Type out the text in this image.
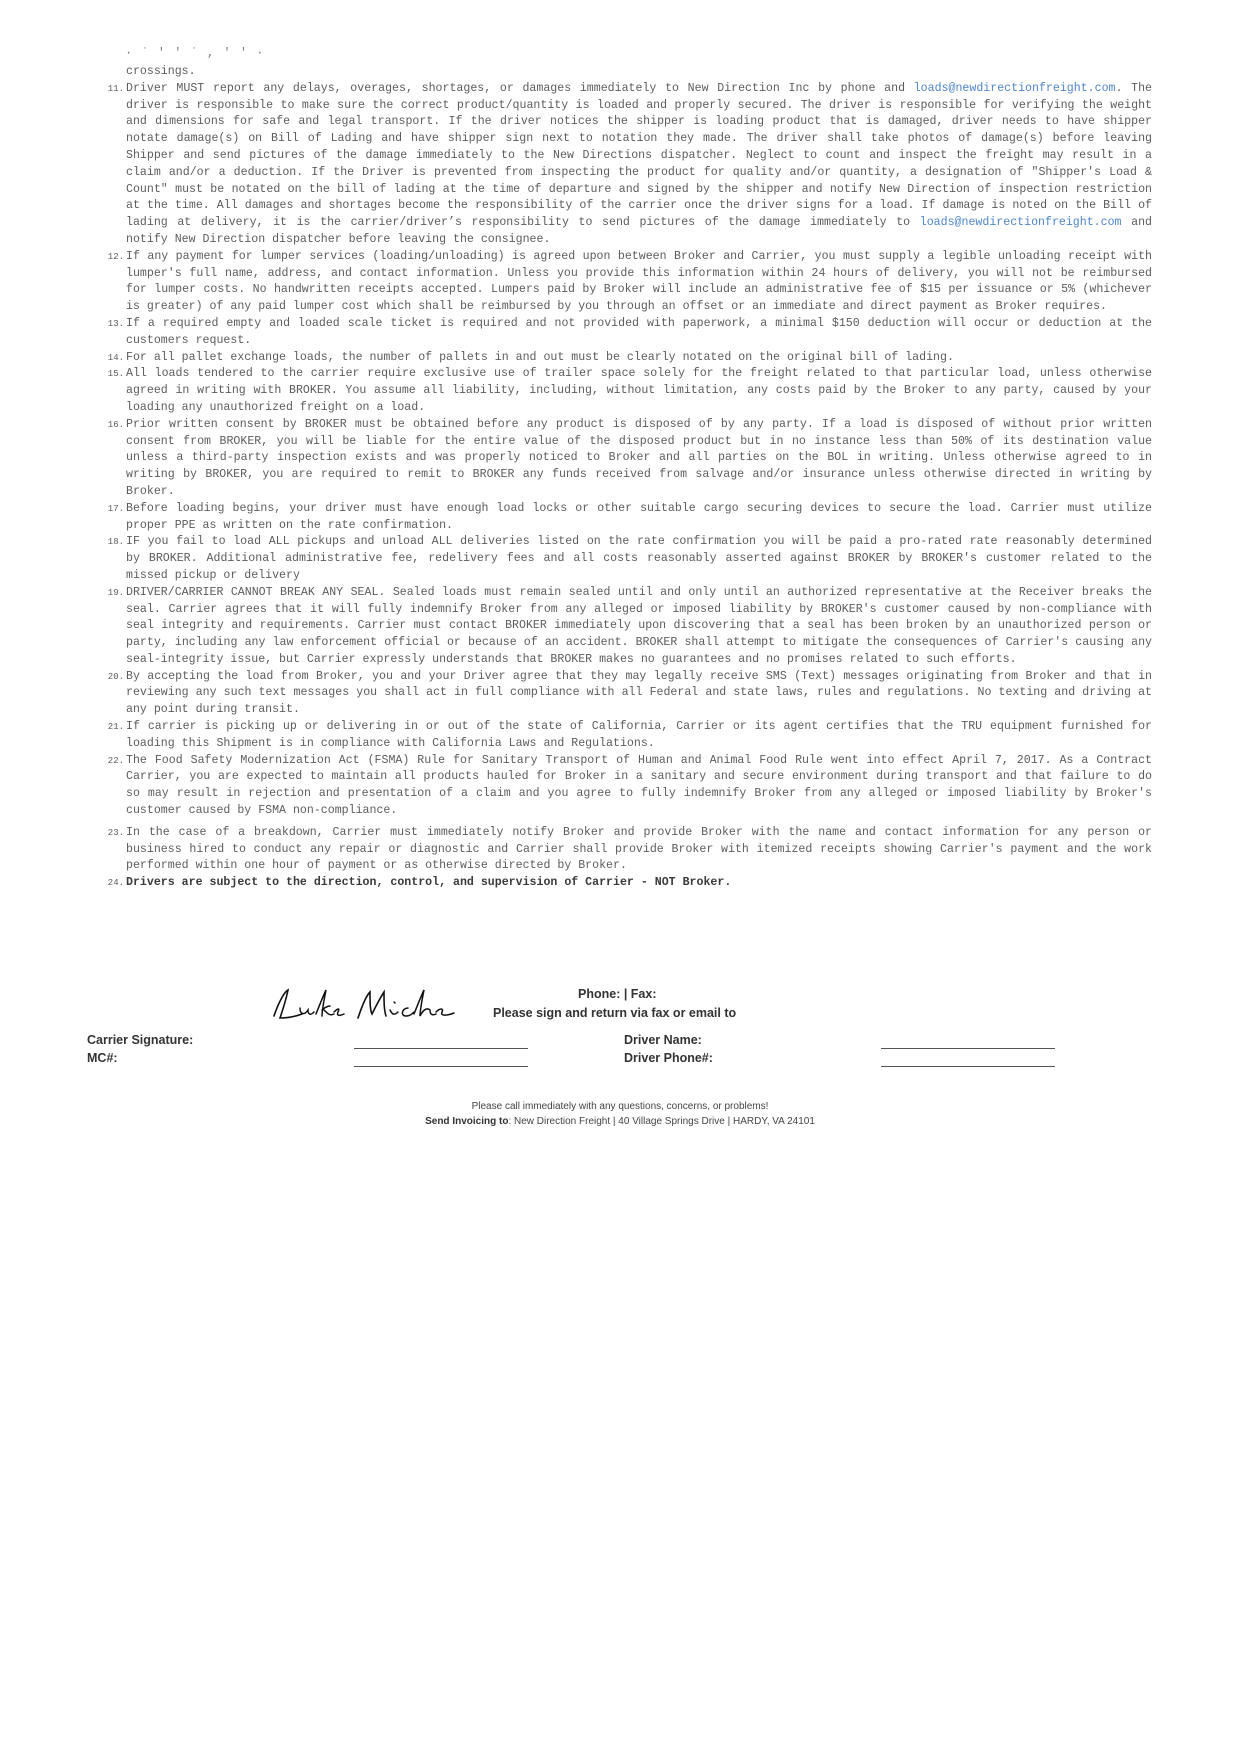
· ˙ ' ' ˙ , ' ' ·
crossings.
11. Driver MUST report any delays, overages, shortages, or damages immediately to New Direction Inc by phone and loads@newdirectionfreight.com. The driver is responsible to make sure the correct product/quantity is loaded and properly secured. The driver is responsible for verifying the weight and dimensions for safe and legal transport. If the driver notices the shipper is loading product that is damaged, driver needs to have shipper notate damage(s) on Bill of Lading and have shipper sign next to notation they made. The driver shall take photos of damage(s) before leaving Shipper and send pictures of the damage immediately to the New Directions dispatcher. Neglect to count and inspect the freight may result in a claim and/or a deduction. If the Driver is prevented from inspecting the product for quality and/or quantity, a designation of "Shipper's Load & Count" must be notated on the bill of lading at the time of departure and signed by the shipper and notify New Direction of inspection restriction at the time. All damages and shortages become the responsibility of the carrier once the driver signs for a load. If damage is noted on the Bill of lading at delivery, it is the carrier/driver’s responsibility to send pictures of the damage immediately to loads@newdirectionfreight.com and notify New Direction dispatcher before leaving the consignee.
12. If any payment for lumper services (loading/unloading) is agreed upon between Broker and Carrier, you must supply a legible unloading receipt with lumper's full name, address, and contact information. Unless you provide this information within 24 hours of delivery, you will not be reimbursed for lumper costs. No handwritten receipts accepted. Lumpers paid by Broker will include an administrative fee of $15 per issuance or 5% (whichever is greater) of any paid lumper cost which shall be reimbursed by you through an offset or an immediate and direct payment as Broker requires.
13. If a required empty and loaded scale ticket is required and not provided with paperwork, a minimal $150 deduction will occur or deduction at the customers request.
14. For all pallet exchange loads, the number of pallets in and out must be clearly notated on the original bill of lading.
15. All loads tendered to the carrier require exclusive use of trailer space solely for the freight related to that particular load, unless otherwise agreed in writing with BROKER. You assume all liability, including, without limitation, any costs paid by the Broker to any party, caused by your loading any unauthorized freight on a load.
16. Prior written consent by BROKER must be obtained before any product is disposed of by any party. If a load is disposed of without prior written consent from BROKER, you will be liable for the entire value of the disposed product but in no instance less than 50% of its destination value unless a third-party inspection exists and was properly noticed to Broker and all parties on the BOL in writing. Unless otherwise agreed to in writing by BROKER, you are required to remit to BROKER any funds received from salvage and/or insurance unless otherwise directed in writing by Broker.
17. Before loading begins, your driver must have enough load locks or other suitable cargo securing devices to secure the load. Carrier must utilize proper PPE as written on the rate confirmation.
18. IF you fail to load ALL pickups and unload ALL deliveries listed on the rate confirmation you will be paid a pro-rated rate reasonably determined by BROKER. Additional administrative fee, redelivery fees and all costs reasonably asserted against BROKER by BROKER's customer related to the missed pickup or delivery
19. DRIVER/CARRIER CANNOT BREAK ANY SEAL. Sealed loads must remain sealed until and only until an authorized representative at the Receiver breaks the seal. Carrier agrees that it will fully indemnify Broker from any alleged or imposed liability by BROKER's customer caused by non-compliance with seal integrity and requirements. Carrier must contact BROKER immediately upon discovering that a seal has been broken by an unauthorized person or party, including any law enforcement official or because of an accident. BROKER shall attempt to mitigate the consequences of Carrier's causing any seal-integrity issue, but Carrier expressly understands that BROKER makes no guarantees and no promises related to such efforts.
20. By accepting the load from Broker, you and your Driver agree that they may legally receive SMS (Text) messages originating from Broker and that in reviewing any such text messages you shall act in full compliance with all Federal and state laws, rules and regulations. No texting and driving at any point during transit.
21. If carrier is picking up or delivering in or out of the state of California, Carrier or its agent certifies that the TRU equipment furnished for loading this Shipment is in compliance with California Laws and Regulations.
22. The Food Safety Modernization Act (FSMA) Rule for Sanitary Transport of Human and Animal Food Rule went into effect April 7, 2017. As a Contract Carrier, you are expected to maintain all products hauled for Broker in a sanitary and secure environment during transport and that failure to do so may result in rejection and presentation of a claim and you agree to fully indemnify Broker from any alleged or imposed liability by Broker's customer caused by FSMA non-compliance.
23. In the case of a breakdown, Carrier must immediately notify Broker and provide Broker with the name and contact information for any person or business hired to conduct any repair or diagnostic and Carrier shall provide Broker with itemized receipts showing Carrier's payment and the work performed within one hour of payment or as otherwise directed by Broker.
24. Drivers are subject to the direction, control, and supervision of Carrier - NOT Broker.
Phone: | Fax:
Please sign and return via fax or email to
Carrier Signature:
MC#:
Driver Name:
Driver Phone#:
Please call immediately with any questions, concerns, or problems!
Send Invoicing to: New Direction Freight | 40 Village Springs Drive | HARDY, VA 24101
